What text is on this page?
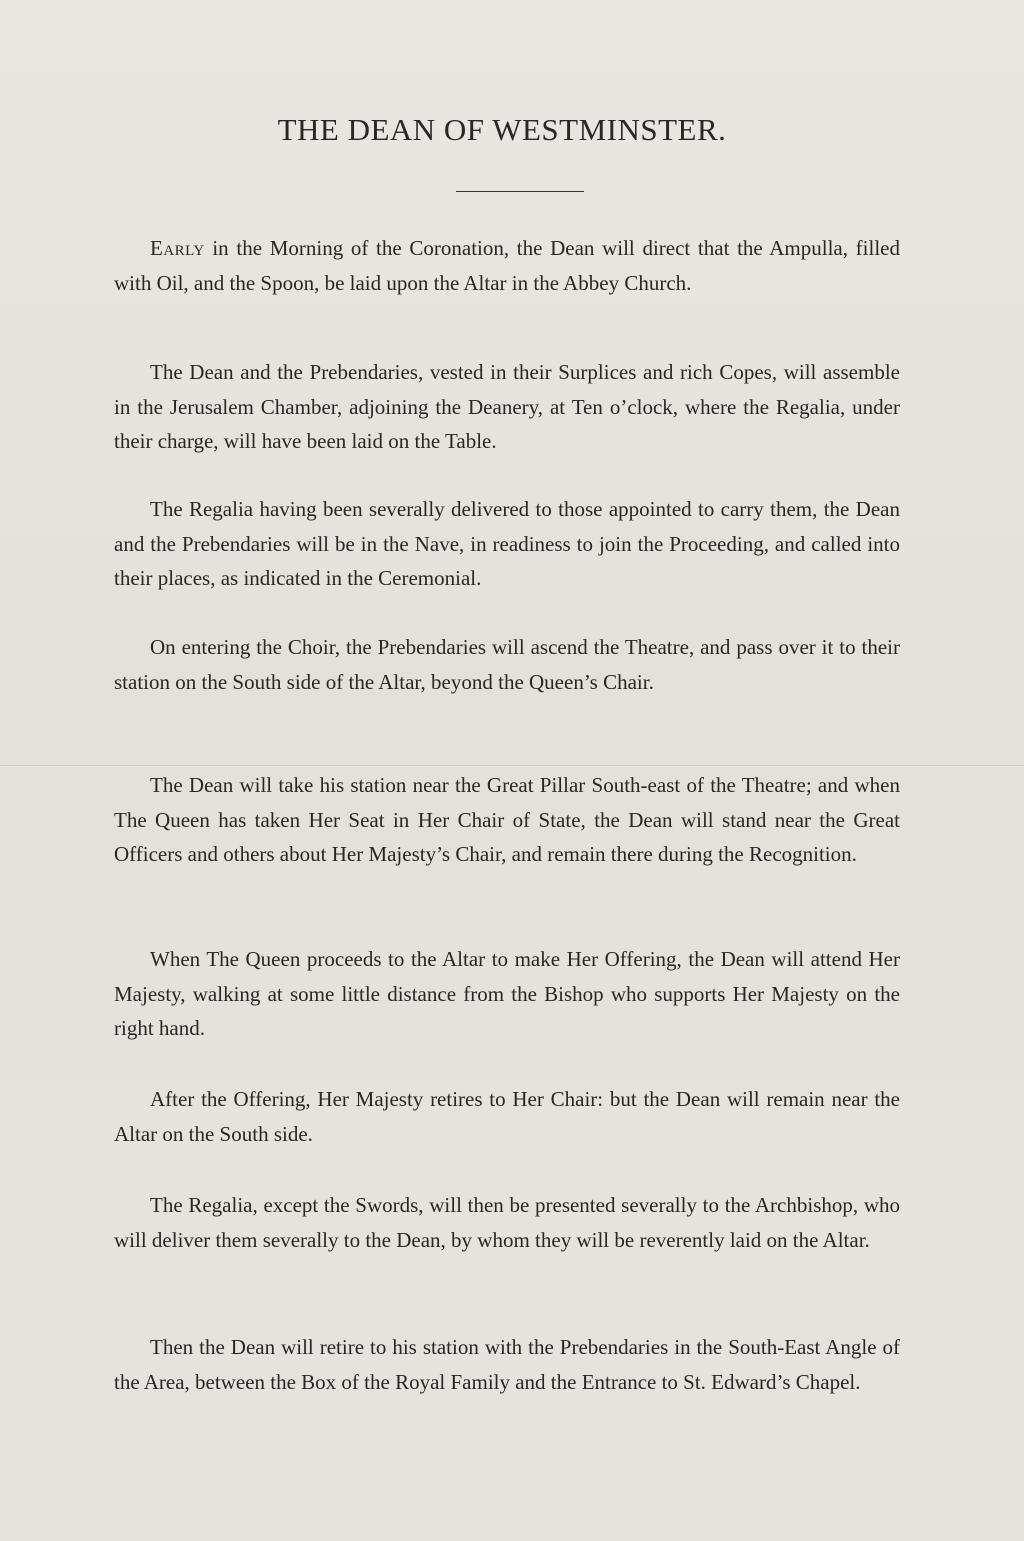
THE DEAN OF WESTMINSTER.

Early in the Morning of the Coronation, the Dean will direct that the Ampulla, filled with Oil, and the Spoon, be laid upon the Altar in the Abbey Church.

The Dean and the Prebendaries, vested in their Surplices and rich Copes, will assemble in the Jerusalem Chamber, adjoining the Deanery, at Ten o’clock, where the Regalia, under their charge, will have been laid on the Table.

The Regalia having been severally delivered to those appointed to carry them, the Dean and the Prebendaries will be in the Nave, in readiness to join the Proceeding, and called into their places, as indicated in the Ceremonial.

On entering the Choir, the Prebendaries will ascend the Theatre, and pass over it to their station on the South side of the Altar, beyond the Queen’s Chair.

The Dean will take his station near the Great Pillar South-east of the Theatre; and when The Queen has taken Her Seat in Her Chair of State, the Dean will stand near the Great Officers and others about Her Majesty’s Chair, and remain there during the Recognition.

When The Queen proceeds to the Altar to make Her Offering, the Dean will attend Her Majesty, walking at some little distance from the Bishop who supports Her Majesty on the right hand.

After the Offering, Her Majesty retires to Her Chair: but the Dean will remain near the Altar on the South side.

The Regalia, except the Swords, will then be presented severally to the Archbishop, who will deliver them severally to the Dean, by whom they will be reverently laid on the Altar.

Then the Dean will retire to his station with the Prebendaries in the South-East Angle of the Area, between the Box of the Royal Family and the Entrance to St. Edward’s Chapel.
